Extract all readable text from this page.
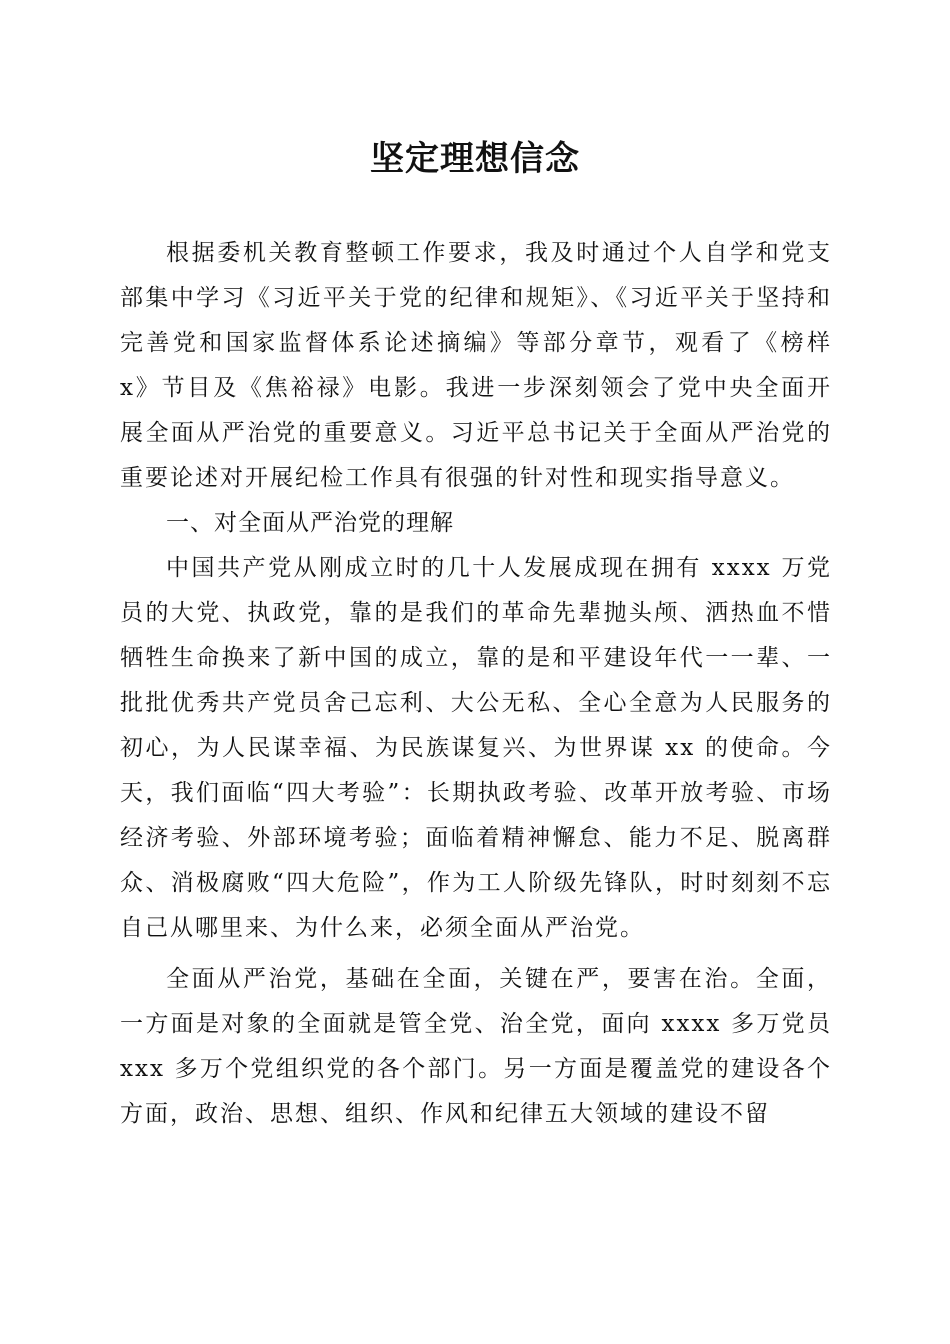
坚定理想信念

根据委机关教育整顿工作要求，我及时通过个人自学和党支部集中学习《习近平关于党的纪律和规矩》、《习近平关于坚持和完善党和国家监督体系论述摘编》等部分章节，观看了《榜样 x》节目及《焦裕禄》电影。我进一步深刻领会了党中央全面开展全面从严治党的重要意义。习近平总书记关于全面从严治党的重要论述对开展纪检工作具有很强的针对性和现实指导意义。

一、对全面从严治党的理解

中国共产党从刚成立时的几十人发展成现在拥有 xxxx 万党员的大党、执政党，靠的是我们的革命先辈抛头颅、洒热血不惜牺牲生命换来了新中国的成立，靠的是和平建设年代一一辈、一批批优秀共产党员舍己忘利、大公无私、全心全意为人民服务的初心，为人民谋幸福、为民族谋复兴、为世界谋 xx 的使命。今天，我们面临“四大考验”：长期执政考验、改革开放考验、市场经济考验、外部环境考验；面临着精神懈怠、能力不足、脱离群众、消极腐败“四大危险”，作为工人阶级先锋队，时时刻刻不忘自己从哪里来、为什么来，必须全面从严治党。

全面从严治党，基础在全面，关键在严，要害在治。全面，一方面是对象的全面就是管全党、治全党，面向 xxxx 多万党员 xxx 多万个党组织党的各个部门。另一方面是覆盖党的建设各个方面，政治、思想、组织、作风和纪律五大领域的建设不留
